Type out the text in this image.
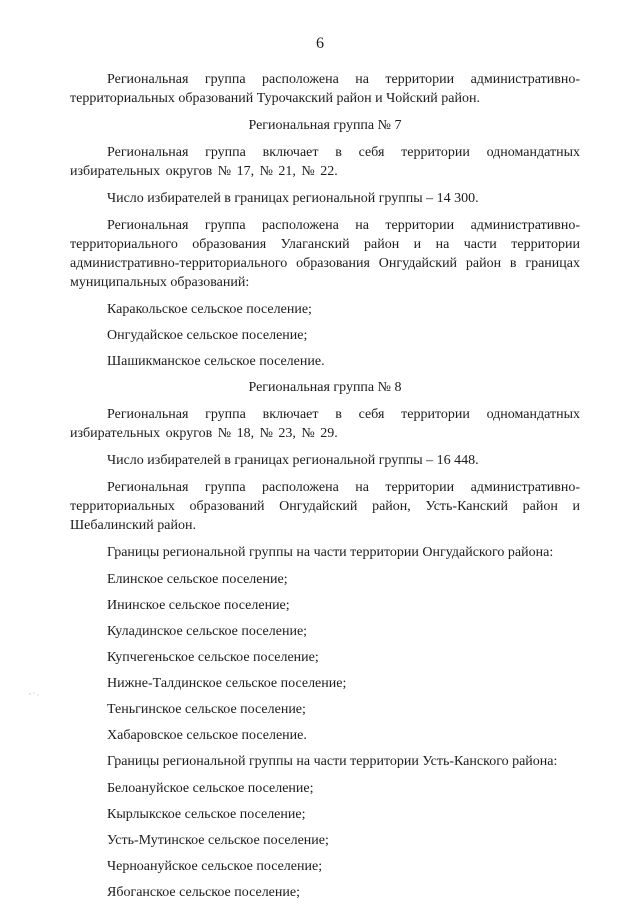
6

Региональная группа расположена на территории административно-территориальных образований Турочакский район и Чойский район.

Региональная группа № 7

Региональная группа включает в себя территории одномандатных избирательных округов № 17, № 21, № 22.

Число избирателей в границах региональной группы – 14 300.

Региональная группа расположена на территории административно-территориального образования Улаганский район и на части территории административно-территориального образования Онгудайский район в границах муниципальных образований:

Каракольское сельское поселение;

Онгудайское сельское поселение;

Шашикманское сельское поселение.

Региональная группа № 8

Региональная группа включает в себя территории одномандатных избирательных округов № 18, № 23, № 29.

Число избирателей в границах региональной группы – 16 448.

Региональная группа расположена на территории административно-территориальных образований Онгудайский район, Усть-Канский район и Шебалинский район.

Границы региональной группы на части территории Онгудайского района:

Елинское сельское поселение;

Ининское сельское поселение;

Куладинское сельское поселение;

Купчегеньское сельское поселение;

Нижне-Талдинское сельское поселение;

Теньгинское сельское поселение;

Хабаровское сельское поселение.

Границы региональной группы на части территории Усть-Канского района:

Белоануйское сельское поселение;

Кырлыкское сельское поселение;

Усть-Мутинское сельское поселение;

Черноануйское сельское поселение;

Ябоганское сельское поселение;
